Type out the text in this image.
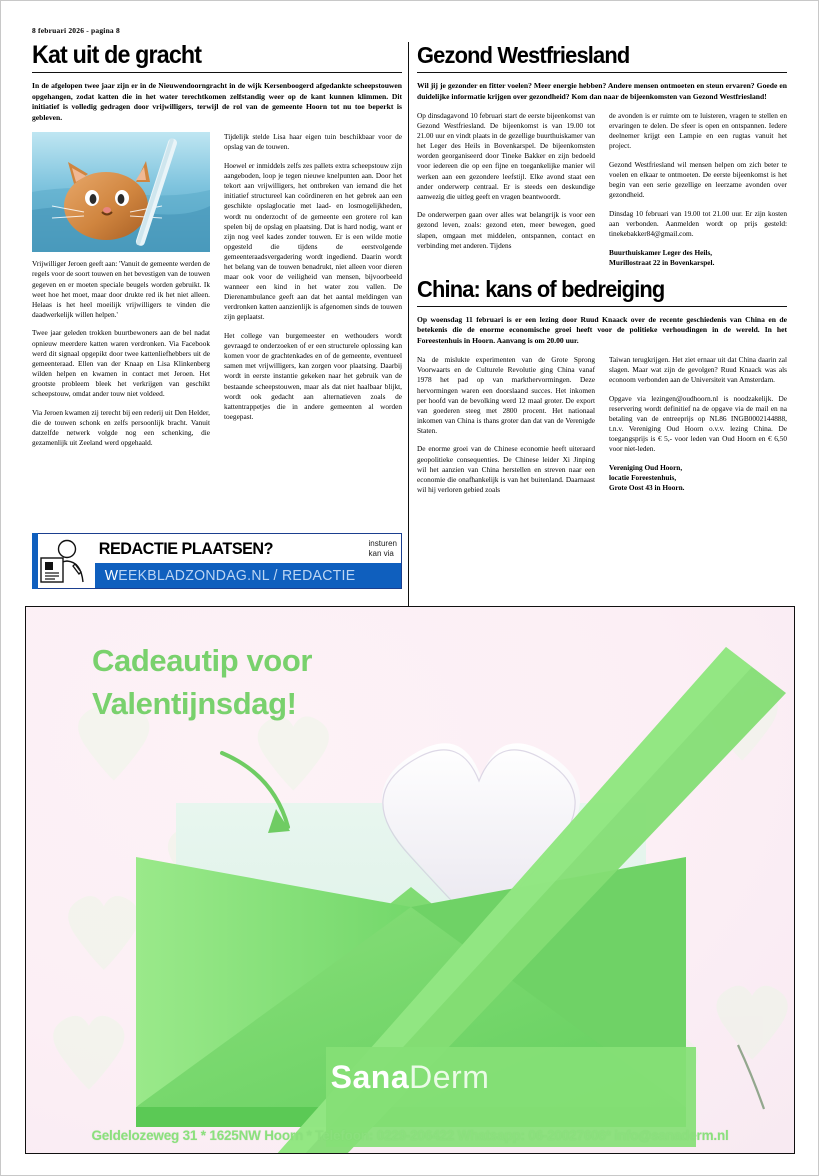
8 februari 2026 - pagina 8
Kat uit de gracht

In de afgelopen twee jaar zijn er in de Nieuwendoorngracht in de wijk Kersenboogerd afgedankte scheepstouwen opgehangen, zodat katten die in het water terechtkomen zelfstandig weer op de kant kunnen klimmen. Dit initiatief is volledig gedragen door vrijwilligers, terwijl de rol van de gemeente Hoorn tot nu toe beperkt is gebleven.

Vrijwilliger Jeroen geeft aan: 'Vanuit de gemeente werden de regels voor de soort touwen en het bevestigen van de touwen gegeven en er moeten speciale beugels worden gebruikt. Ik weet hoe het moet, maar door drukte red ik het niet alleen. Helaas is het heel moeilijk vrijwilligers te vinden die daadwerkelijk willen helpen.'

Twee jaar geleden trokken buurtbewoners aan de bel nadat opnieuw meerdere katten waren verdronken. Via Facebook werd dit signaal opgepikt door twee kattenliefhebbers uit de gemeenteraad. Ellen van der Knaap en Lisa Klinkenberg wilden helpen en kwamen in contact met Jeroen. Het grootste probleem bleek het verkrijgen van geschikt scheepstouw, omdat ander touw niet voldeed.

Via Jeroen kwamen zij terecht bij een rederij uit Den Helder, die de touwen schonk en zelfs persoonlijk bracht. Vanuit datzelfde netwerk volgde nog een schenking, die gezamenlijk uit Zeeland werd opgehaald.

Tijdelijk stelde Lisa haar eigen tuin beschikbaar voor de opslag van de touwen.

Hoewel er inmiddels zelfs zes pallets extra scheepstouw zijn aangeboden, loop je tegen nieuwe knelpunten aan. Door het tekort aan vrijwilligers, het ontbreken van iemand die het initiatief structureel kan coördineren en het gebrek aan een geschikte opslaglocatie met laad- en losmogelijkheden, wordt nu onderzocht of de gemeente een grotere rol kan spelen bij de opslag en plaatsing. Dat is hard nodig, want er zijn nog veel kades zonder touwen. Er is een wilde motie opgesteld die tijdens de eerstvolgende gemeenteraadsvergadering wordt ingediend. Daarin wordt het belang van de touwen benadrukt, niet alleen voor dieren maar ook voor de veiligheid van mensen, bijvoorbeeld wanneer een kind in het water zou vallen. De Dierenambulance geeft aan dat het aantal meldingen van verdronken katten aanzienlijk is afgenomen sinds de touwen zijn geplaatst.

Het college van burgemeester en wethouders wordt gevraagd te onderzoeken of er een structurele oplossing kan komen voor de grachtenkades en of de gemeente, eventueel samen met vrijwilligers, kan zorgen voor plaatsing. Daarbij wordt in eerste instantie gekeken naar het gebruik van de bestaande scheepstouwen, maar als dat niet haalbaar blijkt, wordt ook gedacht aan alternatieven zoals de kattentrappetjes die in andere gemeenten al worden toegepast.

REDACTIE PLAATSEN?	insturen
kan via
WEEKBLADZONDAG.NL / REDACTIE
Gezond Westfriesland

Wil jij je gezonder en fitter voelen? Meer energie hebben? Andere mensen ontmoeten en steun ervaren? Goede en duidelijke informatie krijgen over gezondheid? Kom dan naar de bijeenkomsten van Gezond Westfriesland!

Op dinsdagavond 10 februari start de eerste bijeenkomst van Gezond Westfriesland. De bijeenkomst is van 19.00 tot 21.00 uur en vindt plaats in de gezellige buurthuiskamer van het Leger des Heils in Bovenkarspel. De bijeenkomsten worden georganiseerd door Tineke Bakker en zijn bedoeld voor iedereen die op een fijne en toegankelijke manier wil werken aan een gezondere leefstijl. Elke avond staat een ander onderwerp centraal. Er is steeds een deskundige aanwezig die uitleg geeft en vragen beantwoordt.

De onderwerpen gaan over alles wat belangrijk is voor een gezond leven, zoals: gezond eten, meer bewegen, goed slapen, omgaan met middelen, ontspannen, contact en verbinding met anderen. Tijdens

de avonden is er ruimte om te luisteren, vragen te stellen en ervaringen te delen. De sfeer is open en ontspannen. Iedere deelnemer krijgt een Lampie en een rugtas vanuit het project.

Gezond Westfriesland wil mensen helpen om zich beter te voelen en elkaar te ontmoeten. De eerste bijeenkomst is het begin van een serie gezellige en leerzame avonden over gezondheid.

Dinsdag 10 februari van 19.00 tot 21.00 uur. Er zijn kosten aan verbonden. Aanmelden wordt op prijs gesteld: tinekebakker84@gmail.com.

Buurthuiskamer Leger des Heils,
Murillostraat 22 in Bovenkarspel.

China: kans of bedreiging

Op woensdag 11 februari is er een lezing door Ruud Knaack over de recente geschiedenis van China en de betekenis die de enorme economische groei heeft voor de politieke verhoudingen in de wereld. In het Foreestenhuis in Hoorn. Aanvang is om 20.00 uur.

Na de mislukte experimenten van de Grote Sprong Voorwaarts en de Culturele Revolutie ging China vanaf 1978 het pad op van markthervormingen. Deze hervormingen waren een doorslaand succes. Het inkomen per hoofd van de bevolking werd 12 maal groter. De export van goederen steeg met 2800 procent. Het nationaal inkomen van China is thans groter dan dat van de Verenigde Staten.

De enorme groei van de Chinese economie heeft uiteraard geopolitieke consequenties. De Chinese leider Xi Jinping wil het aanzien van China herstellen en streven naar een economie die onafhankelijk is van het buitenland. Daarnaast wil hij verloren gebied zoals

Taiwan terugkrijgen. Het ziet ernaar uit dat China daarin zal slagen. Maar wat zijn de gevolgen? Ruud Knaack was als econoom verbonden aan de Universiteit van Amsterdam.

Opgave via lezingen@oudhoorn.nl is noodzakelijk. De reservering wordt definitief na de opgave via de mail en na betaling van de entreeprijs op NL86 INGB0002144888, t.n.v. Vereniging Oud Hoorn o.v.v. lezing China. De toegangsprijs is € 5,- voor leden van Oud Hoorn en € 6,50 voor niet-leden.

Vereniging Oud Hoorn,
locatie Foreestenhuis,
Grote Oost 43 in Hoorn.

Cadeautip voor
Valentijnsdag!
SanaDerm
Geldelozeweg 31 * 1625NW Hoorn * Telefoon: 0229-206422 Whatsapp: 06-20027606* info@sanaderm.nl
